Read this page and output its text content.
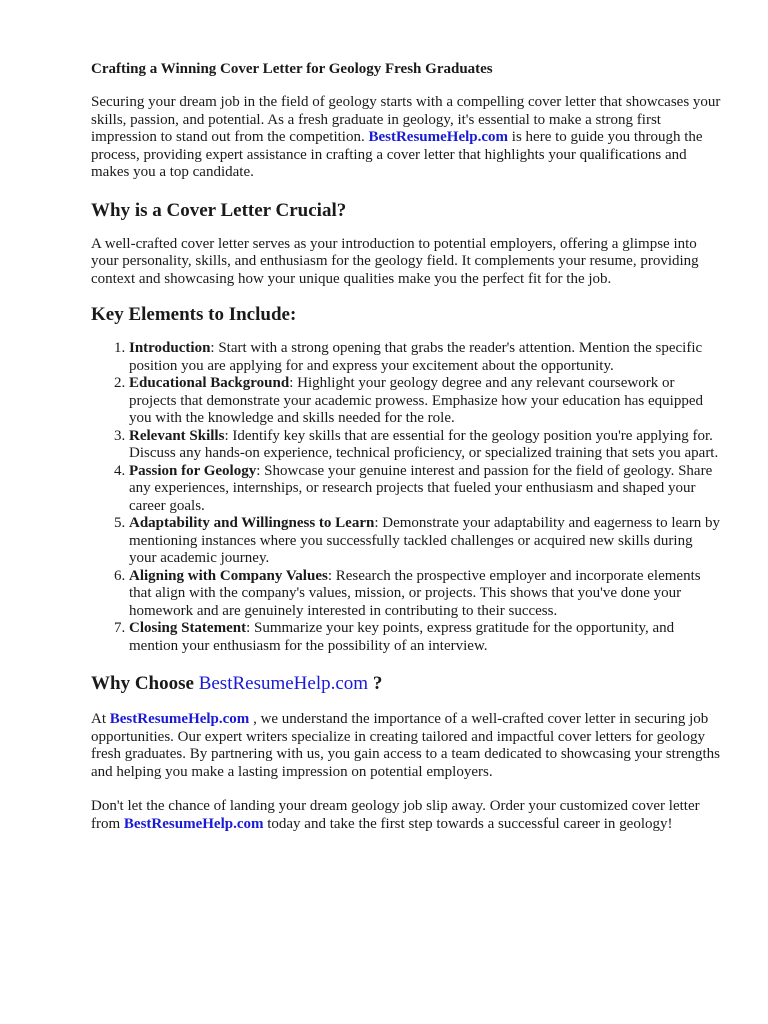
Crafting a Winning Cover Letter for Geology Fresh Graduates

Securing your dream job in the field of geology starts with a compelling cover letter that showcases your skills, passion, and potential. As a fresh graduate in geology, it's essential to make a strong first impression to stand out from the competition. BestResumeHelp.com is here to guide you through the process, providing expert assistance in crafting a cover letter that highlights your qualifications and makes you a top candidate.

Why is a Cover Letter Crucial?

A well-crafted cover letter serves as your introduction to potential employers, offering a glimpse into your personality, skills, and enthusiasm for the geology field. It complements your resume, providing context and showcasing how your unique qualities make you the perfect fit for the job.

Key Elements to Include:
1. Introduction: Start with a strong opening that grabs the reader's attention. Mention the specific position you are applying for and express your excitement about the opportunity.
2. Educational Background: Highlight your geology degree and any relevant coursework or projects that demonstrate your academic prowess. Emphasize how your education has equipped you with the knowledge and skills needed for the role.
3. Relevant Skills: Identify key skills that are essential for the geology position you're applying for. Discuss any hands-on experience, technical proficiency, or specialized training that sets you apart.
4. Passion for Geology: Showcase your genuine interest and passion for the field of geology. Share any experiences, internships, or research projects that fueled your enthusiasm and shaped your career goals.
5. Adaptability and Willingness to Learn: Demonstrate your adaptability and eagerness to learn by mentioning instances where you successfully tackled challenges or acquired new skills during your academic journey.
6. Aligning with Company Values: Research the prospective employer and incorporate elements that align with the company's values, mission, or projects. This shows that you've done your homework and are genuinely interested in contributing to their success.
7. Closing Statement: Summarize your key points, express gratitude for the opportunity, and mention your enthusiasm for the possibility of an interview.
Why Choose BestResumeHelp.com ?

At BestResumeHelp.com , we understand the importance of a well-crafted cover letter in securing job opportunities. Our expert writers specialize in creating tailored and impactful cover letters for geology fresh graduates. By partnering with us, you gain access to a team dedicated to showcasing your strengths and helping you make a lasting impression on potential employers.

Don't let the chance of landing your dream geology job slip away. Order your customized cover letter from BestResumeHelp.com today and take the first step towards a successful career in geology!
